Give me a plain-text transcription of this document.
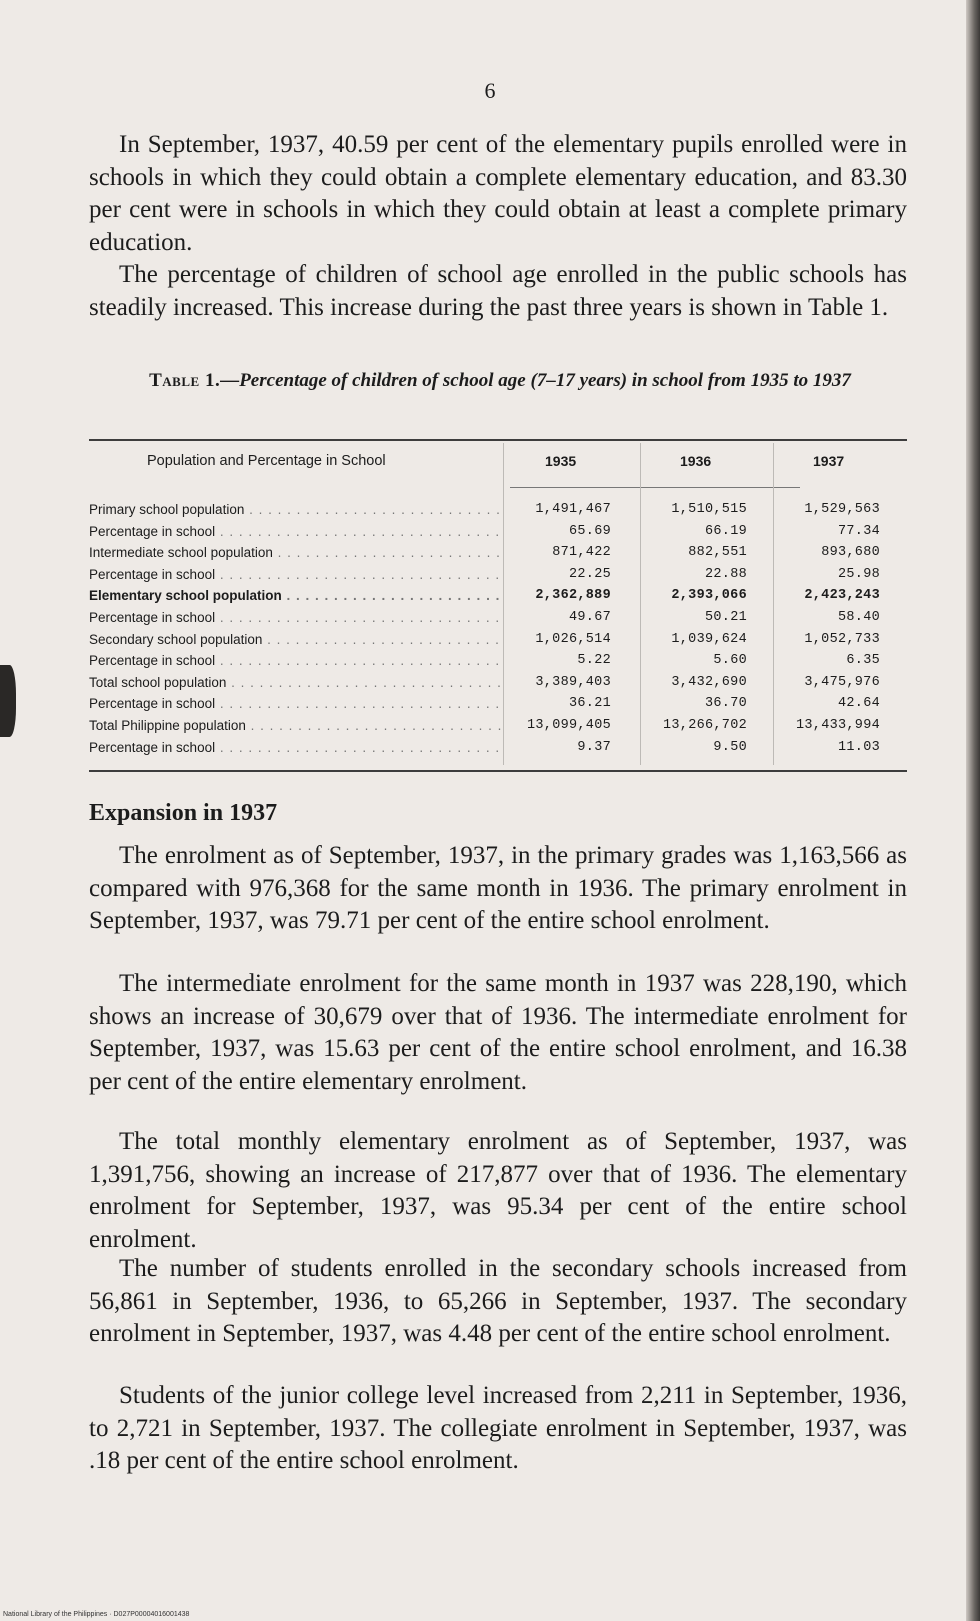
6

In September, 1937, 40.59 per cent of the elementary pupils enrolled were in schools in which they could obtain a complete elementary education, and 83.30 per cent were in schools in which they could obtain at least a complete primary education.

The percentage of children of school age enrolled in the public schools has steadily increased. This increase during the past three years is shown in Table 1.

Table 1.—Percentage of children of school age (7–17 years) in school from 1935 to 1937

Population and Percentage in School	1935	1936	1937
Primary school population . . .	1,491,467	1,510,515	1,529,563
Percentage in school . . .	65.69	66.19	77.34
Intermediate school population . . .	871,422	882,551	893,680
Percentage in school . . .	22.25	22.88	25.98
Elementary school population . . .	2,362,889	2,393,066	2,423,243
Percentage in school . . .	49.67	50.21	58.40
Secondary school population . . .	1,026,514	1,039,624	1,052,733
Percentage in school . . .	5.22	5.60	6.35
Total school population . . .	3,389,403	3,432,690	3,475,976
Percentage in school . . .	36.21	36.70	42.64
Total Philippine population . . .	13,099,405	13,266,702	13,433,994
Percentage in school . . .	9.37	9.50	11.03
Expansion in 1937

The enrolment as of September, 1937, in the primary grades was 1,163,566 as compared with 976,368 for the same month in 1936. The primary enrolment in September, 1937, was 79.71 per cent of the entire school enrolment.

The intermediate enrolment for the same month in 1937 was 228,190, which shows an increase of 30,679 over that of 1936. The intermediate enrolment for September, 1937, was 15.63 per cent of the entire school enrolment, and 16.38 per cent of the entire elementary enrolment.

The total monthly elementary enrolment as of September, 1937, was 1,391,756, showing an increase of 217,877 over that of 1936. The elementary enrolment for September, 1937, was 95.34 per cent of the entire school enrolment.

The number of students enrolled in the secondary schools increased from 56,861 in September, 1936, to 65,266 in September, 1937. The secondary enrolment in September, 1937, was 4.48 per cent of the entire school enrolment.

Students of the junior college level increased from 2,211 in September, 1936, to 2,721 in September, 1937. The collegiate enrolment in September, 1937, was .18 per cent of the entire school enrolment.

National Library of the Philippines · D027P00004016001438
